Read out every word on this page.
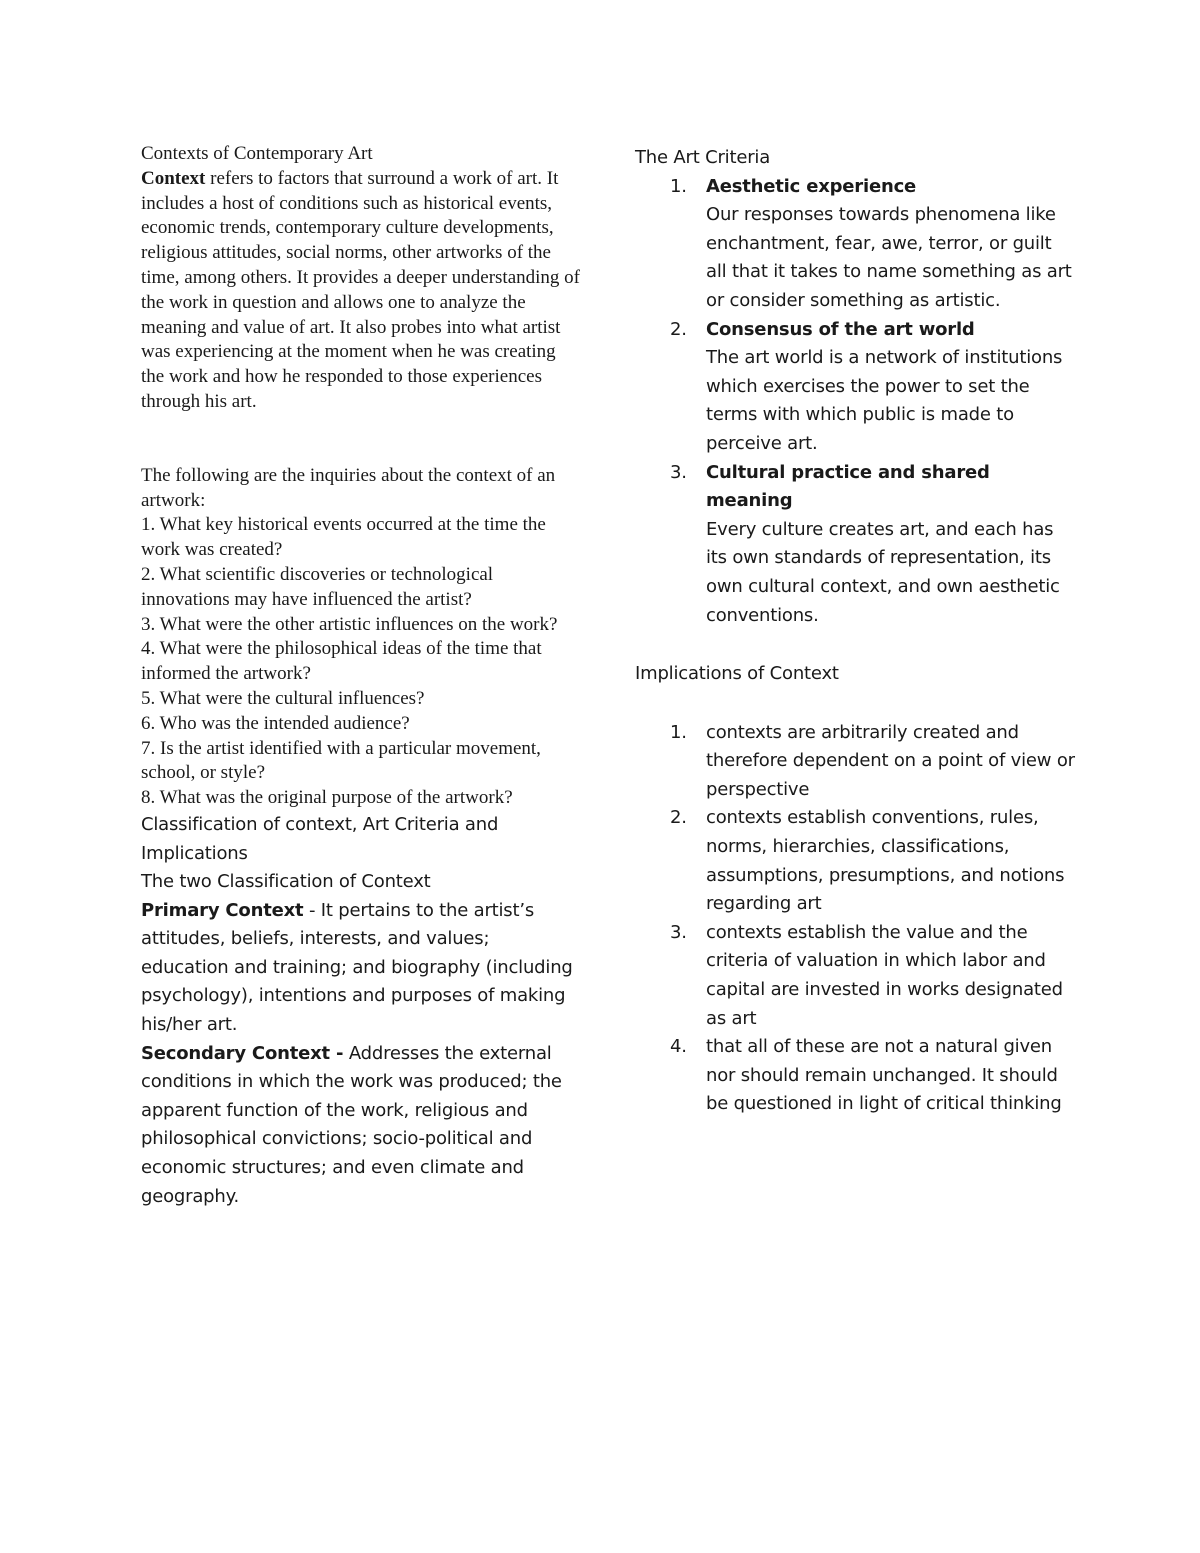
Contexts of Contemporary Art

Context refers to factors that surround a work of art. It includes a host of conditions such as historical events, economic trends, contemporary culture developments, religious attitudes, social norms, other artworks of the time, among others. It provides a deeper understanding of the work in question and allows one to analyze the meaning and value of art. It also probes into what artist was experiencing at the moment when he was creating the work and how he responded to those experiences through his art.

The following are the inquiries about the context of an artwork:

1. What key historical events occurred at the time the work was created?

2. What scientific discoveries or technological innovations may have influenced the artist?

3. What were the other artistic influences on the work?

4. What were the philosophical ideas of the time that informed the artwork?

5. What were the cultural influences?

6. Who was the intended audience?

7. Is the artist identified with a particular movement, school, or style?

8. What was the original purpose of the artwork?

Classification of context, Art Criteria and Implications

The two Classification of Context

Primary Context - It pertains to the artist’s attitudes, beliefs, interests, and values; education and training; and biography (including psychology), intentions and purposes of making his/her art.

Secondary Context - Addresses the external conditions in which the work was produced; the apparent function of the work, religious and philosophical convictions; socio-political and economic structures; and even climate and geography.

The Art Criteria

1. Aesthetic experience
Our responses towards phenomena like enchantment, fear, awe, terror, or guilt all that it takes to name something as art or consider something as artistic.
2. Consensus of the art world
The art world is a network of institutions which exercises the power to set the terms with which public is made to perceive art.
3. Cultural practice and shared meaning
Every culture creates art, and each has its own standards of representation, its own cultural context, and own aesthetic conventions.

Implications of Context

1. contexts are arbitrarily created and therefore dependent on a point of view or perspective
2. contexts establish conventions, rules, norms, hierarchies, classifications, assumptions, presumptions, and notions regarding art
3. contexts establish the value and the criteria of valuation in which labor and capital are invested in works designated as art
4. that all of these are not a natural given nor should remain unchanged. It should be questioned in light of critical thinking
